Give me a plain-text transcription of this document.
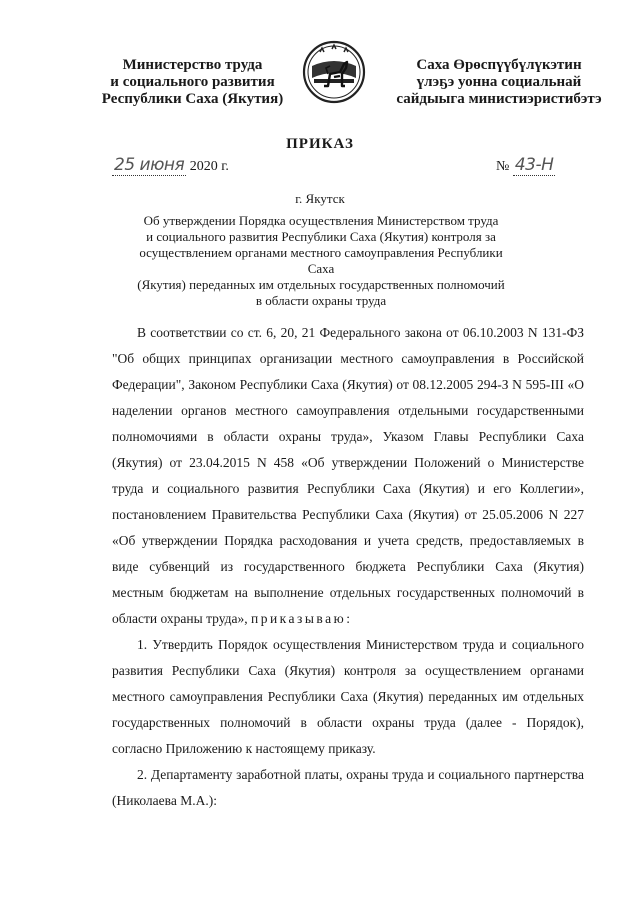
Министерство труда
и социального развития
Республики Саха (Якутия)
Саха Өрөспүүбүлүкэтин
үлэҕэ уонна социальнай
сайдыыга министиэристибэтэ
ПРИКАЗ
25 июня 2020 г.	№ 43-Н
г. Якутск
Об утверждении Порядка осуществления Министерством труда
и социального развития Республики Саха (Якутия) контроля за
осуществлением органами местного самоуправления Республики Саха
(Якутия) переданных им отдельных государственных полномочий
в области охраны труда

В соответствии со ст. 6, 20, 21 Федерального закона от 06.10.2003 N 131-ФЗ "Об общих принципах организации местного самоуправления в Российской Федерации", Законом Республики Саха (Якутия) от 08.12.2005 294-З N 595-III «О наделении органов местного самоуправления отдельными государственными полномочиями в области охраны труда», Указом Главы Республики Саха (Якутия) от 23.04.2015 N 458 «Об утверждении Положений о Министерстве труда и социального развития Республики Саха (Якутия) и его Коллегии», постановлением Правительства Республики Саха (Якутия) от 25.05.2006 N 227 «Об утверждении Порядка расходования и учета средств, предоставляемых в виде субвенций из государственного бюджета Республики Саха (Якутия) местным бюджетам на выполнение отдельных государственных полномочий в области охраны труда», приказываю:

1. Утвердить Порядок осуществления Министерством труда и социального развития Республики Саха (Якутия) контроля за осуществлением органами местного самоуправления Республики Саха (Якутия) переданных им отдельных государственных полномочий в области охраны труда (далее - Порядок), согласно Приложению к настоящему приказу.

2. Департаменту заработной платы, охраны труда и социального партнерства (Николаева М.А.):
